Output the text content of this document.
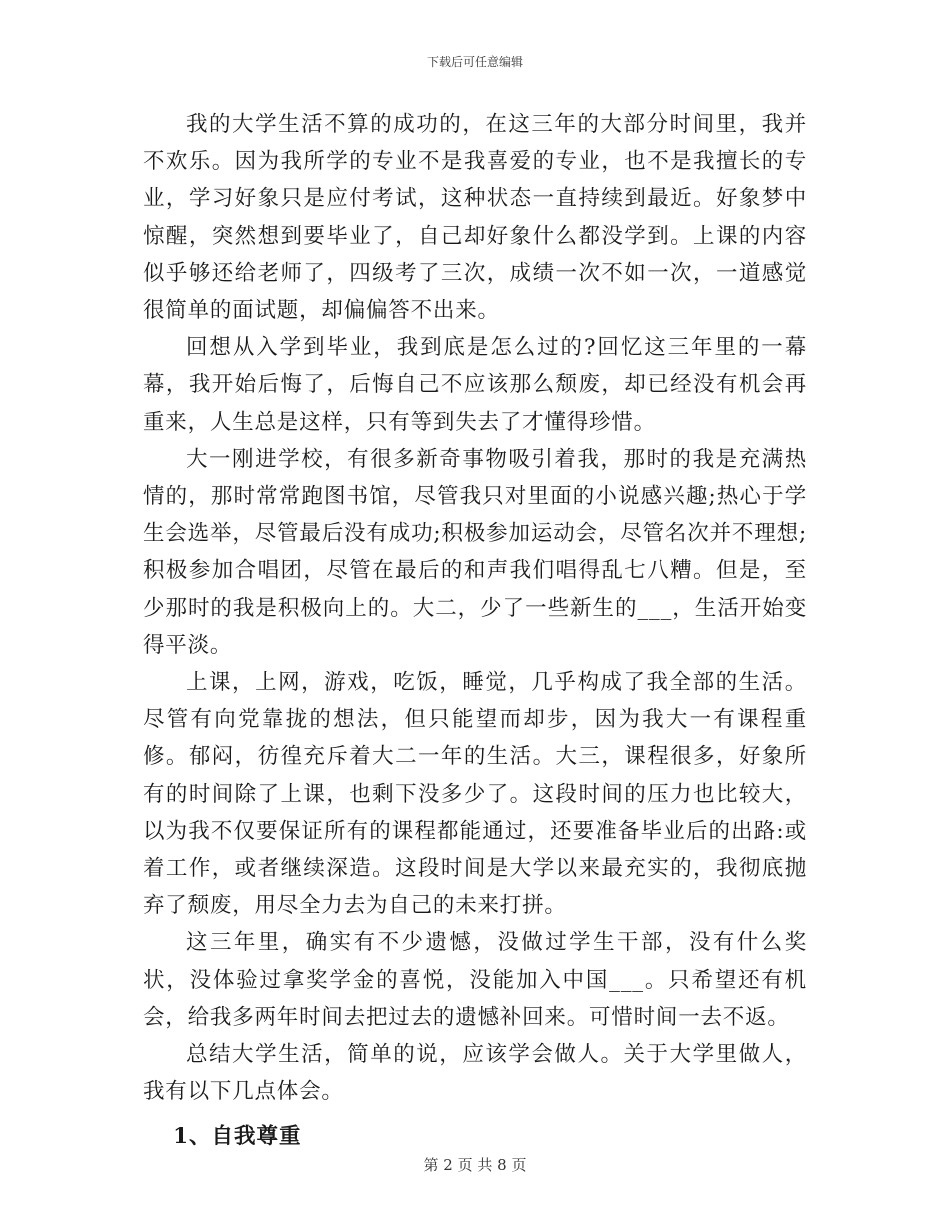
下载后可任意编辑

我的大学生活不算的成功的，在这三年的大部分时间里，我并不欢乐。因为我所学的专业不是我喜爱的专业，也不是我擅长的专业，学习好象只是应付考试，这种状态一直持续到最近。好象梦中惊醒，突然想到要毕业了，自己却好象什么都没学到。上课的内容似乎够还给老师了，四级考了三次，成绩一次不如一次，一道感觉很简单的面试题，却偏偏答不出来。

回想从入学到毕业，我到底是怎么过的?回忆这三年里的一幕幕，我开始后悔了，后悔自己不应该那么颓废，却已经没有机会再重来，人生总是这样，只有等到失去了才懂得珍惜。

大一刚进学校，有很多新奇事物吸引着我，那时的我是充满热情的，那时常常跑图书馆，尽管我只对里面的小说感兴趣;热心于学生会选举，尽管最后没有成功;积极参加运动会，尽管名次并不理想;积极参加合唱团，尽管在最后的和声我们唱得乱七八糟。但是，至少那时的我是积极向上的。大二，少了一些新生的___，生活开始变得平淡。

上课，上网，游戏，吃饭，睡觉，几乎构成了我全部的生活。尽管有向党靠拢的想法，但只能望而却步，因为我大一有课程重修。郁闷，彷徨充斥着大二一年的生活。大三，课程很多，好象所有的时间除了上课，也剩下没多少了。这段时间的压力也比较大，以为我不仅要保证所有的课程都能通过，还要准备毕业后的出路:或着工作，或者继续深造。这段时间是大学以来最充实的，我彻底抛弃了颓废，用尽全力去为自己的未来打拼。

这三年里，确实有不少遗憾，没做过学生干部，没有什么奖状，没体验过拿奖学金的喜悦，没能加入中国___。只希望还有机会，给我多两年时间去把过去的遗憾补回来。可惜时间一去不返。

总结大学生活，简单的说，应该学会做人。关于大学里做人，我有以下几点体会。

1、自我尊重

第 2 页 共 8 页
